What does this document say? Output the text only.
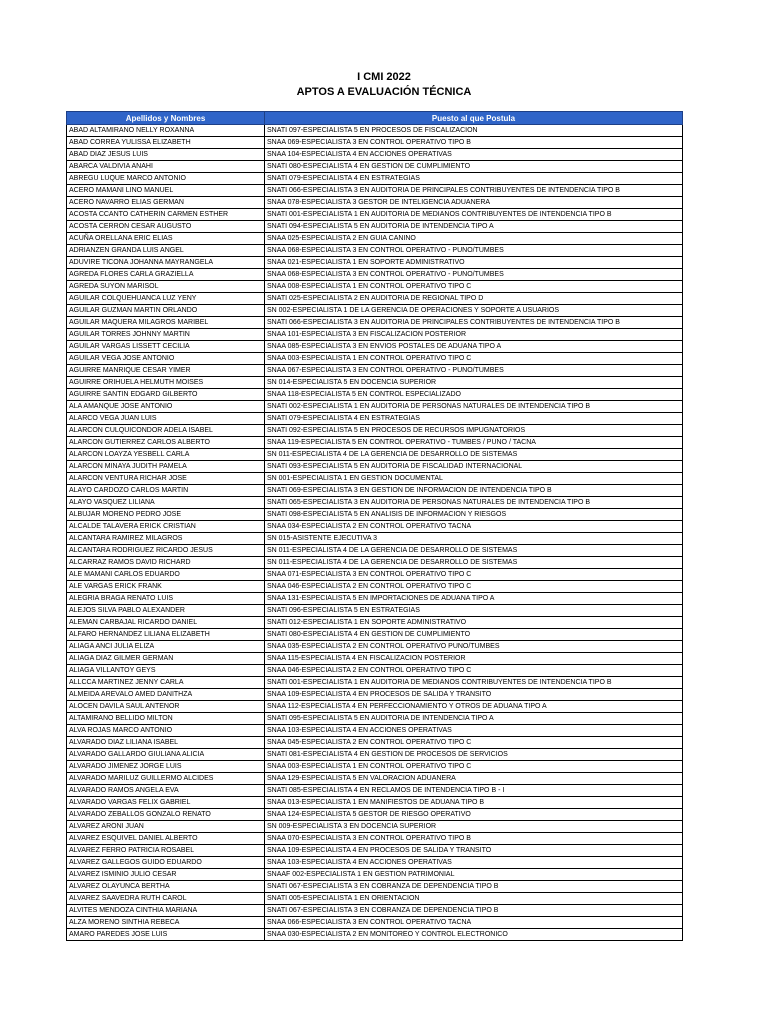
I CMI 2022
APTOS A EVALUACIÓN TÉCNICA
Apellidos y Nombres	Puesto al que Postula
ABAD ALTAMIRANO NELLY ROXANNA	SNATI 097-ESPECIALISTA 5 EN PROCESOS DE FISCALIZACION
ABAD CORREA YULISSA ELIZABETH	SNAA 069-ESPECIALISTA 3 EN CONTROL OPERATIVO TIPO B
ABAD DIAZ JESUS LUIS	SNAA 104-ESPECIALISTA 4 EN ACCIONES OPERATIVAS
ABARCA VALDIVIA ANAHI	SNATI 080-ESPECIALISTA 4 EN GESTION DE CUMPLIMIENTO
ABREGU LUQUE MARCO ANTONIO	SNATI 079-ESPECIALISTA 4 EN ESTRATEGIAS
ACERO MAMANI LINO MANUEL	SNATI 066-ESPECIALISTA 3 EN AUDITORIA DE PRINCIPALES CONTRIBUYENTES DE INTENDENCIA TIPO B
ACERO NAVARRO ELIAS GERMAN	SNAA 078-ESPECIALISTA 3 GESTOR DE INTELIGENCIA ADUANERA
ACOSTA CCANTO CATHERIN CARMEN ESTHER	SNATI 001-ESPECIALISTA 1 EN AUDITORIA DE MEDIANOS CONTRIBUYENTES DE INTENDENCIA TIPO B
ACOSTA CERRON CESAR AUGUSTO	SNATI 094-ESPECIALISTA 5 EN AUDITORIA DE INTENDENCIA TIPO A
ACUÑA ORELLANA ERIC ELIAS	SNAA 025-ESPECIALISTA 2 EN GUIA CANINO
ADRIANZEN GRANDA LUIS ANGEL	SNAA 068-ESPECIALISTA 3 EN CONTROL OPERATIVO - PUNO/TUMBES
ADUVIRE TICONA JOHANNA MAYRANGELA	SNAA 021-ESPECIALISTA 1 EN SOPORTE ADMINISTRATIVO
AGREDA FLORES CARLA GRAZIELLA	SNAA 068-ESPECIALISTA 3 EN CONTROL OPERATIVO - PUNO/TUMBES
AGREDA SUYON MARISOL	SNAA 008-ESPECIALISTA 1 EN CONTROL OPERATIVO TIPO C
AGUILAR COLQUEHUANCA LUZ YENY	SNATI 025-ESPECIALISTA 2 EN AUDITORIA DE REGIONAL TIPO D
AGUILAR GUZMAN MARTIN ORLANDO	SN 002-ESPECIALISTA 1 DE LA GERENCIA DE OPERACIONES Y SOPORTE A USUARIOS
AGUILAR MAQUERA MILAGROS MARIBEL	SNATI 066-ESPECIALISTA 3 EN AUDITORIA DE PRINCIPALES CONTRIBUYENTES DE INTENDENCIA TIPO B
AGUILAR TORRES JOHNNY MARTIN	SNAA 101-ESPECIALISTA 3 EN FISCALIZACION POSTERIOR
AGUILAR VARGAS LISSETT CECILIA	SNAA 085-ESPECIALISTA 3 EN ENVIOS POSTALES DE ADUANA TIPO A
AGUILAR VEGA JOSE ANTONIO	SNAA 003-ESPECIALISTA 1 EN CONTROL OPERATIVO TIPO C
AGUIRRE MANRIQUE CESAR YIMER	SNAA 067-ESPECIALISTA 3 EN CONTROL OPERATIVO - PUNO/TUMBES
AGUIRRE ORIHUELA HELMUTH MOISES	SN 014-ESPECIALISTA 5 EN DOCENCIA SUPERIOR
AGUIRRE SANTIN EDGARD GILBERTO	SNAA 118-ESPECIALISTA 5 EN CONTROL ESPECIALIZADO
ALA AMANQUE JOSE ANTONIO	SNATI 002-ESPECIALISTA 1 EN AUDITORIA DE PERSONAS NATURALES DE INTENDENCIA TIPO B
ALARCO VEGA JUAN LUIS	SNATI 079-ESPECIALISTA 4 EN ESTRATEGIAS
ALARCON CULQUICONDOR ADELA ISABEL	SNATI 092-ESPECIALISTA 5 EN PROCESOS DE RECURSOS IMPUGNATORIOS
ALARCON GUTIERREZ CARLOS ALBERTO	SNAA 119-ESPECIALISTA 5 EN CONTROL OPERATIVO - TUMBES / PUNO / TACNA
ALARCON LOAYZA YESBELL CARLA	SN 011-ESPECIALISTA 4 DE LA GERENCIA DE DESARROLLO DE SISTEMAS
ALARCON MINAYA JUDITH PAMELA	SNATI 093-ESPECIALISTA 5 EN AUDITORIA DE FISCALIDAD INTERNACIONAL
ALARCON VENTURA RICHAR JOSE	SN 001-ESPECIALISTA 1 EN GESTION DOCUMENTAL
ALAYO CARDOZO CARLOS MARTIN	SNATI 069-ESPECIALISTA 3 EN GESTION DE INFORMACION DE INTENDENCIA TIPO B
ALAYO VASQUEZ LILIANA	SNATI 065-ESPECIALISTA 3 EN AUDITORIA DE PERSONAS NATURALES DE INTENDENCIA TIPO B
ALBUJAR MORENO PEDRO JOSE	SNATI 098-ESPECIALISTA 5 EN ANALISIS DE INFORMACION Y RIESGOS
ALCALDE TALAVERA ERICK CRISTIAN	SNAA 034-ESPECIALISTA 2 EN CONTROL OPERATIVO TACNA
ALCANTARA RAMIREZ MILAGROS	SN 015-ASISTENTE EJECUTIVA 3
ALCANTARA RODRIGUEZ RICARDO JESUS	SN 011-ESPECIALISTA 4 DE LA GERENCIA DE DESARROLLO DE SISTEMAS
ALCARRAZ RAMOS DAVID RICHARD	SN 011-ESPECIALISTA 4 DE LA GERENCIA DE DESARROLLO DE SISTEMAS
ALE MAMANI CARLOS EDUARDO	SNAA 071-ESPECIALISTA 3 EN CONTROL OPERATIVO TIPO C
ALE VARGAS ERICK FRANK	SNAA 046-ESPECIALISTA 2 EN CONTROL OPERATIVO TIPO C
ALEGRIA BRAGA RENATO LUIS	SNAA 131-ESPECIALISTA 5 EN IMPORTACIONES DE ADUANA TIPO A
ALEJOS SILVA PABLO ALEXANDER	SNATI 096-ESPECIALISTA 5 EN ESTRATEGIAS
ALEMAN CARBAJAL RICARDO DANIEL	SNATI 012-ESPECIALISTA 1 EN SOPORTE ADMINISTRATIVO
ALFARO HERNANDEZ LILIANA ELIZABETH	SNATI 080-ESPECIALISTA 4 EN GESTION DE CUMPLIMIENTO
ALIAGA ANCI JULIA ELIZA	SNAA 035-ESPECIALISTA 2 EN CONTROL OPERATIVO PUNO/TUMBES
ALIAGA DIAZ GILMER GERMAN	SNAA 115-ESPECIALISTA 4 EN FISCALIZACION POSTERIOR
ALIAGA VILLANTOY GEYS	SNAA 046-ESPECIALISTA 2 EN CONTROL OPERATIVO TIPO C
ALLCCA MARTINEZ JENNY CARLA	SNATI 001-ESPECIALISTA 1 EN AUDITORIA DE MEDIANOS CONTRIBUYENTES DE INTENDENCIA TIPO B
ALMEIDA AREVALO AMED DANITHZA	SNAA 109-ESPECIALISTA 4 EN PROCESOS DE SALIDA Y TRANSITO
ALOCEN DAVILA SAUL ANTENOR	SNAA 112-ESPECIALISTA 4 EN PERFECCIONAMIENTO Y OTROS DE ADUANA TIPO A
ALTAMIRANO BELLIDO MILTON	SNATI 095-ESPECIALISTA 5 EN AUDITORIA DE INTENDENCIA TIPO A
ALVA ROJAS MARCO ANTONIO	SNAA 103-ESPECIALISTA 4 EN ACCIONES OPERATIVAS
ALVARADO DIAZ LILIANA ISABEL	SNAA 045-ESPECIALISTA 2 EN CONTROL OPERATIVO TIPO C
ALVARADO GALLARDO GIULIANA ALICIA	SNATI 081-ESPECIALISTA 4 EN GESTION DE PROCESOS DE SERVICIOS
ALVARADO JIMENEZ JORGE LUIS	SNAA 003-ESPECIALISTA 1 EN CONTROL OPERATIVO TIPO C
ALVARADO MARILUZ GUILLERMO ALCIDES	SNAA 129-ESPECIALISTA 5 EN VALORACION ADUANERA
ALVARADO RAMOS ANGELA EVA	SNATI 085-ESPECIALISTA 4 EN RECLAMOS DE INTENDENCIA TIPO B - I
ALVARADO VARGAS FELIX GABRIEL	SNAA 013-ESPECIALISTA 1 EN MANIFIESTOS DE ADUANA TIPO B
ALVARADO ZEBALLOS GONZALO RENATO	SNAA 124-ESPECIALISTA 5 GESTOR DE RIESGO OPERATIVO
ALVAREZ ARONI JUAN	SN 009-ESPECIALISTA 3 EN DOCENCIA SUPERIOR
ALVAREZ ESQUIVEL DANIEL ALBERTO	SNAA 070-ESPECIALISTA 3 EN CONTROL OPERATIVO TIPO B
ALVAREZ FERRO PATRICIA ROSABEL	SNAA 109-ESPECIALISTA 4 EN PROCESOS DE SALIDA Y TRANSITO
ALVAREZ GALLEGOS GUIDO EDUARDO	SNAA 103-ESPECIALISTA 4 EN ACCIONES OPERATIVAS
ALVAREZ ISMINIO JULIO CESAR	SNAAF 002-ESPECIALISTA 1 EN GESTION PATRIMONIAL
ALVAREZ OLAYUNCA BERTHA	SNATI 067-ESPECIALISTA 3 EN COBRANZA DE DEPENDENCIA TIPO B
ALVAREZ SAAVEDRA RUTH CAROL	SNATI 005-ESPECIALISTA 1 EN ORIENTACION
ALVITES MENDOZA CINTHIA MARIANA	SNATI 067-ESPECIALISTA 3 EN COBRANZA DE DEPENDENCIA TIPO B
ALZA MORENO SINTHIA REBECA	SNAA 066-ESPECIALISTA 3 EN CONTROL OPERATIVO TACNA
AMARO PAREDES JOSE LUIS	SNAA 030-ESPECIALISTA 2 EN MONITOREO Y CONTROL ELECTRONICO
